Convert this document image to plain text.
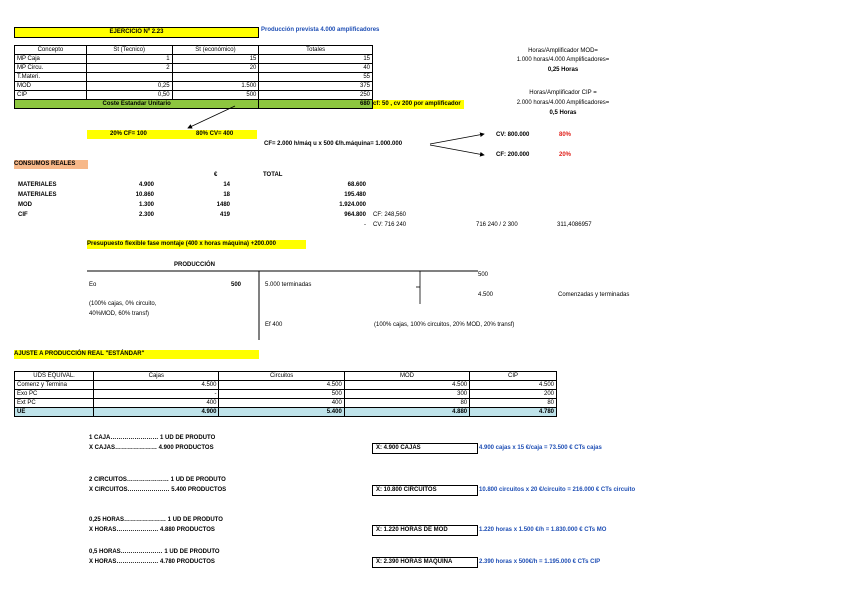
EJERCICIO Nº 2.23	Producción prevista 4.000 amplificadores
Concepto	St (Tecnico)	St (económico)	Totales
MP Caja	1	15	15
MP Circu.	2	20	40
T.Materi.			55
MOD	0,25	1.500	375
CIP	0,50	500	250
Coste Estandar Unitario			680 cf: 50 , cv 200 por amplificador
Horas/Amplificador MOD=
1.000 horas/4.000 Amplificadores=
0,25 Horas
Horas/Amplificador CIP =
2.000 horas/4.000 Amplificadores=
0,5 Horas
20% CF= 100	80% CV= 400
CF= 2.000 h/máq u x 500 €/h.máquina= 1.000.000
CV: 800.000	80%
CF: 200.000	20%
CONSUMOS REALES
€	TOTAL
MATERIALES	4.900	14	68.600
MATERIALES	10.860	18	195.480
MOD	1.300	1480	1.924.000
CIF	2.300	419	964.800 CF: 248,560
- CV: 716 240	716 240 / 2 300	311,4086957
Presupuesto flexible fase montaje (400 x horas máquina) +200.000
PRODUCCIÓN
Eo	500
(100% cajas, 0% circuito,
40%MOD, 60% transf)
5.000 terminadas
Ef 400	(100% cajas, 100% circuitos, 20% MOD, 20% transf)
500
4.500	Comenzadas y terminadas
AJUSTE A PRODUCCIÓN REAL "ESTÁNDAR"
UDS EQUIVAL.	Cajas	Circuitos	MOD	CIP
Comenz y Termina	4.500	4.500	4.500	4.500
Exo PC	-	500	300	200
Ext PC	400	400	80	80
UE	4.900	5.400	4.880	4.780
1 CAJA…………………… 1 UD DE PRODUTO
X CAJAS………………… 4.900 PRODUCTOS	X: 4.900 CAJAS	4.900 cajas x 15 €/caja = 73.500 € CTs cajas
2 CIRCUITOS………………… 1 UD DE PRODUTO
X CIRCUITOS………………… 5.400 PRODUCTOS	X: 10.800 CIRCUITOS	10.800 circuitos x 20 €/circuito = 216.000 € CTs circuito
0,25 HORAS………………… 1 UD DE PRODUTO
X HORAS………………… 4.880 PRODUCTOS	X: 1.220 HORAS DE MOD	1.220 horas x 1.500 €/h = 1.830.000 € CTs MO
0,5 HORAS………………… 1 UD DE PRODUTO
X HORAS………………… 4.780 PRODUCTOS	X: 2.390 HORAS MAQUINA	2.390 horas x 500€/h = 1.195.000 € CTs CIP
